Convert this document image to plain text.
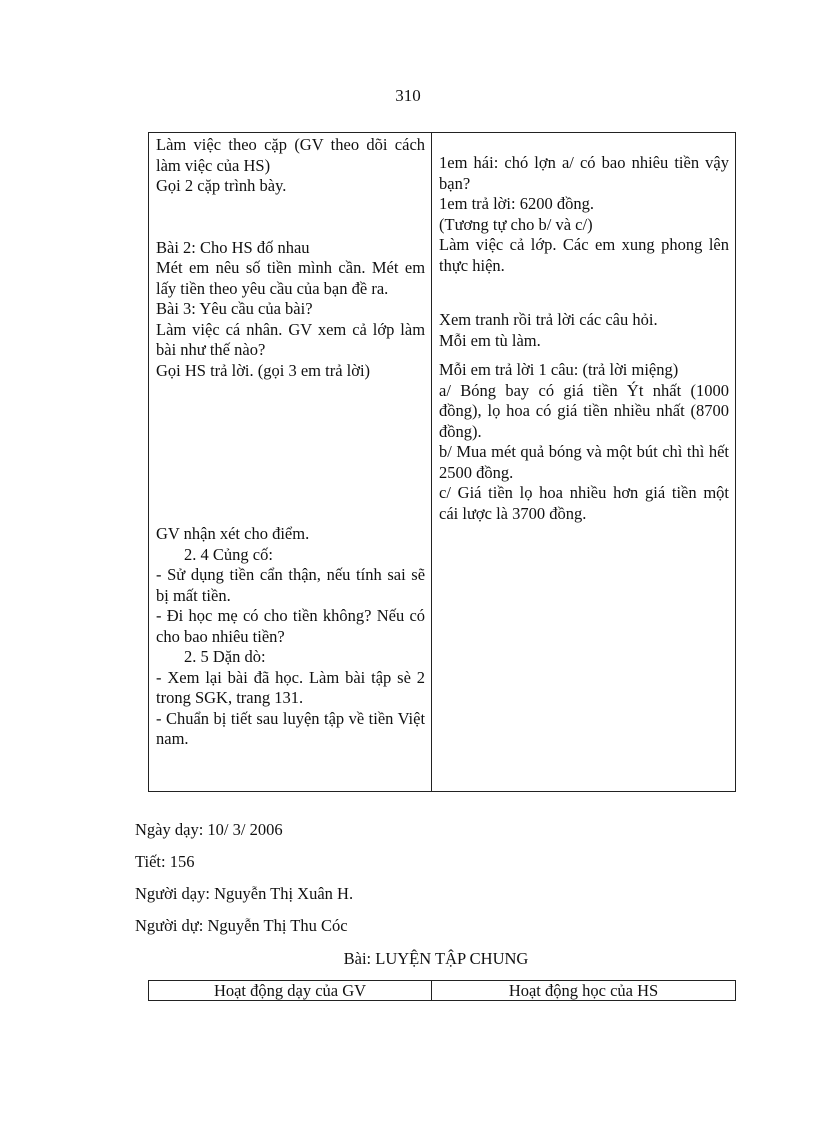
310

Làm việc theo cặp (GV theo dõi cách làm việc của HS)

Gọi 2 cặp trình bày.

Bài 2: Cho HS đố nhau

Mét em nêu số tiền mình cần. Mét em lấy tiền theo yêu cầu của bạn đề ra.

Bài 3: Yêu cầu của bài?

Làm việc cá nhân. GV xem cả lớp làm bài như thế nào?

Gọi HS trả lời. (gọi 3 em trả lời)

GV nhận xét cho điểm.

2. 4 Củng cố:

- Sử dụng tiền cẩn thận, nếu tính sai sẽ bị mất tiền.

- Đi học mẹ có cho tiền không? Nếu có cho bao nhiêu tiền?

2. 5 Dặn dò:

- Xem lại bài đã học. Làm bài tập sè 2 trong SGK, trang 131.

- Chuẩn bị tiết sau luyện tập về tiền Việt nam.

1em hái: chó lợn a/ có bao nhiêu tiền vậy bạn?

1em trả lời: 6200 đồng.

(Tương tự cho b/ và c/)

Làm việc cả lớp. Các em xung phong lên thực hiện.

Xem tranh rồi trả lời các câu hỏi.

Mỗi em tù làm.

Mỗi em trả lời 1 câu: (trả lời miệng)

a/ Bóng bay có giá tiền Ýt nhất (1000 đồng), lọ hoa có giá tiền nhiều nhất (8700 đồng).

b/ Mua mét quả bóng và một bút chì thì hết 2500 đồng.

c/ Giá tiền lọ hoa nhiều hơn giá tiền một cái lược là 3700 đồng.

Ngày dạy: 10/ 3/ 2006
Tiết: 156
Người dạy: Nguyễn Thị Xuân H.
Người dự: Nguyễn Thị Thu Cóc
Bài: LUYỆN TẬP CHUNG
Hoạt động dạy của GV	Hoạt động học của HS
